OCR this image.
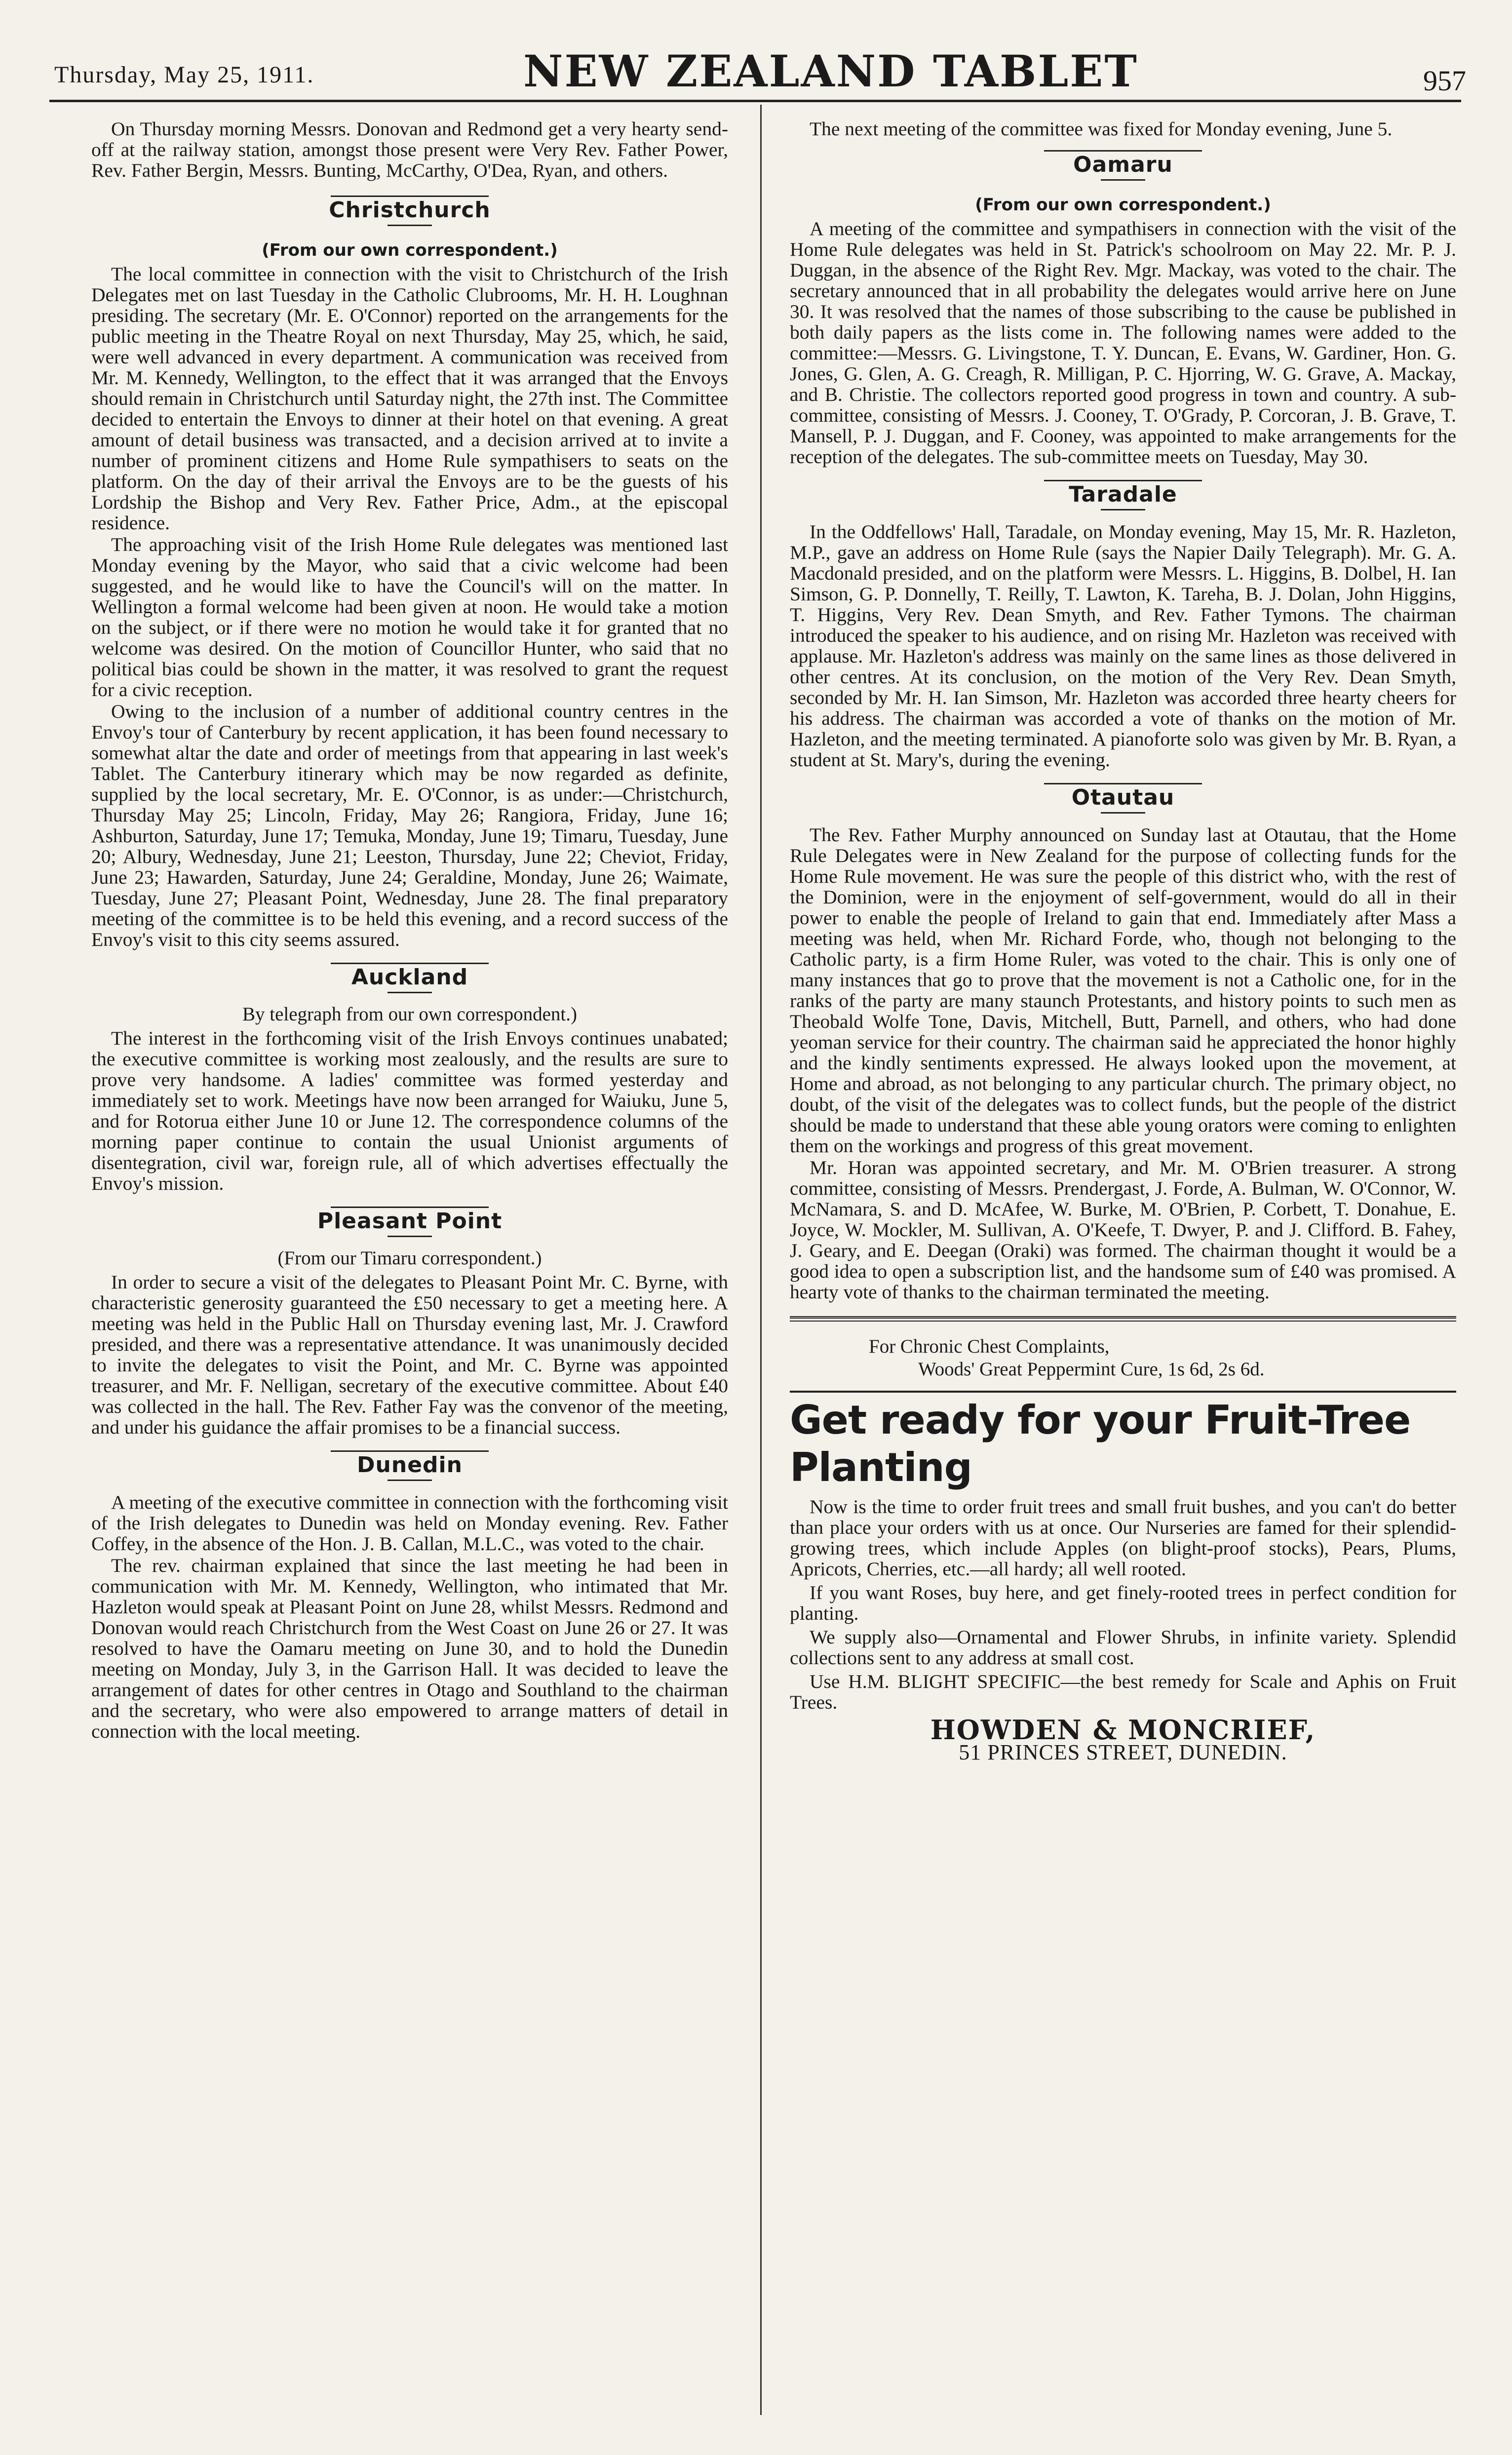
Thursday, May 25, 1911.	NEW ZEALAND TABLET	957

On Thursday morning Messrs. Donovan and Redmond get a very hearty send-off at the railway station, amongst those present were Very Rev. Father Power, Rev. Father Bergin, Messrs. Bunting, McCarthy, O'Dea, Ryan, and others.

Christchurch
(From our own correspondent.)

The local committee in connection with the visit to Christchurch of the Irish Delegates met on last Tuesday in the Catholic Clubrooms, Mr. H. H. Loughnan presiding. The secretary (Mr. E. O'Connor) reported on the arrangements for the public meeting in the Theatre Royal on next Thursday, May 25, which, he said, were well advanced in every department. A communication was received from Mr. M. Kennedy, Wellington, to the effect that it was arranged that the Envoys should remain in Christchurch until Saturday night, the 27th inst. The Committee decided to entertain the Envoys to dinner at their hotel on that evening. A great amount of detail business was transacted, and a decision arrived at to invite a number of prominent citizens and Home Rule sympathisers to seats on the platform. On the day of their arrival the Envoys are to be the guests of his Lordship the Bishop and Very Rev. Father Price, Adm., at the episcopal residence.

The approaching visit of the Irish Home Rule delegates was mentioned last Monday evening by the Mayor, who said that a civic welcome had been suggested, and he would like to have the Council's will on the matter. In Wellington a formal welcome had been given at noon. He would take a motion on the subject, or if there were no motion he would take it for granted that no welcome was desired. On the motion of Councillor Hunter, who said that no political bias could be shown in the matter, it was resolved to grant the request for a civic reception.

Owing to the inclusion of a number of additional country centres in the Envoy's tour of Canterbury by recent application, it has been found necessary to somewhat altar the date and order of meetings from that appearing in last week's Tablet. The Canterbury itinerary which may be now regarded as definite, supplied by the local secretary, Mr. E. O'Connor, is as under:—Christchurch, Thursday May 25; Lincoln, Friday, May 26; Rangiora, Friday, June 16; Ashburton, Saturday, June 17; Temuka, Monday, June 19; Timaru, Tuesday, June 20; Albury, Wednesday, June 21; Leeston, Thursday, June 22; Cheviot, Friday, June 23; Hawarden, Saturday, June 24; Geraldine, Monday, June 26; Waimate, Tuesday, June 27; Pleasant Point, Wednesday, June 28. The final preparatory meeting of the committee is to be held this evening, and a record success of the Envoy's visit to this city seems assured.

Auckland
By telegraph from our own correspondent.)

The interest in the forthcoming visit of the Irish Envoys continues unabated; the executive committee is working most zealously, and the results are sure to prove very handsome. A ladies' committee was formed yesterday and immediately set to work. Meetings have now been arranged for Waiuku, June 5, and for Rotorua either June 10 or June 12. The correspondence columns of the morning paper continue to contain the usual Unionist arguments of disentegration, civil war, foreign rule, all of which advertises effectually the Envoy's mission.

Pleasant Point
(From our Timaru correspondent.)

In order to secure a visit of the delegates to Pleasant Point Mr. C. Byrne, with characteristic generosity guaranteed the £50 necessary to get a meeting here. A meeting was held in the Public Hall on Thursday evening last, Mr. J. Crawford presided, and there was a representative attendance. It was unanimously decided to invite the delegates to visit the Point, and Mr. C. Byrne was appointed treasurer, and Mr. F. Nelligan, secretary of the executive committee. About £40 was collected in the hall. The Rev. Father Fay was the convenor of the meeting, and under his guidance the affair promises to be a financial success.

Dunedin

A meeting of the executive committee in connection with the forthcoming visit of the Irish delegates to Dunedin was held on Monday evening. Rev. Father Coffey, in the absence of the Hon. J. B. Callan, M.L.C., was voted to the chair.

The rev. chairman explained that since the last meeting he had been in communication with Mr. M. Kennedy, Wellington, who intimated that Mr. Hazleton would speak at Pleasant Point on June 28, whilst Messrs. Redmond and Donovan would reach Christchurch from the West Coast on June 26 or 27. It was resolved to have the Oamaru meeting on June 30, and to hold the Dunedin meeting on Monday, July 3, in the Garrison Hall. It was decided to leave the arrangement of dates for other centres in Otago and Southland to the chairman and the secretary, who were also empowered to arrange matters of detail in connection with the local meeting.

The next meeting of the committee was fixed for Monday evening, June 5.

Oamaru
(From our own correspondent.)

A meeting of the committee and sympathisers in connection with the visit of the Home Rule delegates was held in St. Patrick's schoolroom on May 22. Mr. P. J. Duggan, in the absence of the Right Rev. Mgr. Mackay, was voted to the chair. The secretary announced that in all probability the delegates would arrive here on June 30. It was resolved that the names of those subscribing to the cause be published in both daily papers as the lists come in. The following names were added to the committee:—Messrs. G. Livingstone, T. Y. Duncan, E. Evans, W. Gardiner, Hon. G. Jones, G. Glen, A. G. Creagh, R. Milligan, P. C. Hjorring, W. G. Grave, A. Mackay, and B. Christie. The collectors reported good progress in town and country. A sub-committee, consisting of Messrs. J. Cooney, T. O'Grady, P. Corcoran, J. B. Grave, T. Mansell, P. J. Duggan, and F. Cooney, was appointed to make arrangements for the reception of the delegates. The sub-committee meets on Tuesday, May 30.

Taradale

In the Oddfellows' Hall, Taradale, on Monday evening, May 15, Mr. R. Hazleton, M.P., gave an address on Home Rule (says the Napier Daily Telegraph). Mr. G. A. Macdonald presided, and on the platform were Messrs. L. Higgins, B. Dolbel, H. Ian Simson, G. P. Donnelly, T. Reilly, T. Lawton, K. Tareha, B. J. Dolan, John Higgins, T. Higgins, Very Rev. Dean Smyth, and Rev. Father Tymons. The chairman introduced the speaker to his audience, and on rising Mr. Hazleton was received with applause. Mr. Hazleton's address was mainly on the same lines as those delivered in other centres. At its conclusion, on the motion of the Very Rev. Dean Smyth, seconded by Mr. H. Ian Simson, Mr. Hazleton was accorded three hearty cheers for his address. The chairman was accorded a vote of thanks on the motion of Mr. Hazleton, and the meeting terminated. A pianoforte solo was given by Mr. B. Ryan, a student at St. Mary's, during the evening.

Otautau

The Rev. Father Murphy announced on Sunday last at Otautau, that the Home Rule Delegates were in New Zealand for the purpose of collecting funds for the Home Rule movement. He was sure the people of this district who, with the rest of the Dominion, were in the enjoyment of self-government, would do all in their power to enable the people of Ireland to gain that end. Immediately after Mass a meeting was held, when Mr. Richard Forde, who, though not belonging to the Catholic party, is a firm Home Ruler, was voted to the chair. This is only one of many instances that go to prove that the movement is not a Catholic one, for in the ranks of the party are many staunch Protestants, and history points to such men as Theobald Wolfe Tone, Davis, Mitchell, Butt, Parnell, and others, who had done yeoman service for their country. The chairman said he appreciated the honor highly and the kindly sentiments expressed. He always looked upon the movement, at Home and abroad, as not belonging to any particular church. The primary object, no doubt, of the visit of the delegates was to collect funds, but the people of the district should be made to understand that these able young orators were coming to enlighten them on the workings and progress of this great movement.

Mr. Horan was appointed secretary, and Mr. M. O'Brien treasurer. A strong committee, consisting of Messrs. Prendergast, J. Forde, A. Bulman, W. O'Connor, W. McNamara, S. and D. McAfee, W. Burke, M. O'Brien, P. Corbett, T. Donahue, E. Joyce, W. Mockler, M. Sullivan, A. O'Keefe, T. Dwyer, P. and J. Clifford. B. Fahey, J. Geary, and E. Deegan (Oraki) was formed. The chairman thought it would be a good idea to open a subscription list, and the handsome sum of £40 was promised. A hearty vote of thanks to the chairman terminated the meeting.

For Chronic Chest Complaints,
Woods' Great Peppermint Cure, 1s 6d, 2s 6d.
Get ready for your Fruit-Tree Planting

Now is the time to order fruit trees and small fruit bushes, and you can't do better than place your orders with us at once. Our Nurseries are famed for their splendid-growing trees, which include Apples (on blight-proof stocks), Pears, Plums, Apricots, Cherries, etc.—all hardy; all well rooted.

If you want Roses, buy here, and get finely-rooted trees in perfect condition for planting.

We supply also—Ornamental and Flower Shrubs, in infinite variety. Splendid collections sent to any address at small cost.

Use H.M. BLIGHT SPECIFIC—the best remedy for Scale and Aphis on Fruit Trees.

HOWDEN & MONCRIEF,
51 PRINCES STREET, DUNEDIN.
